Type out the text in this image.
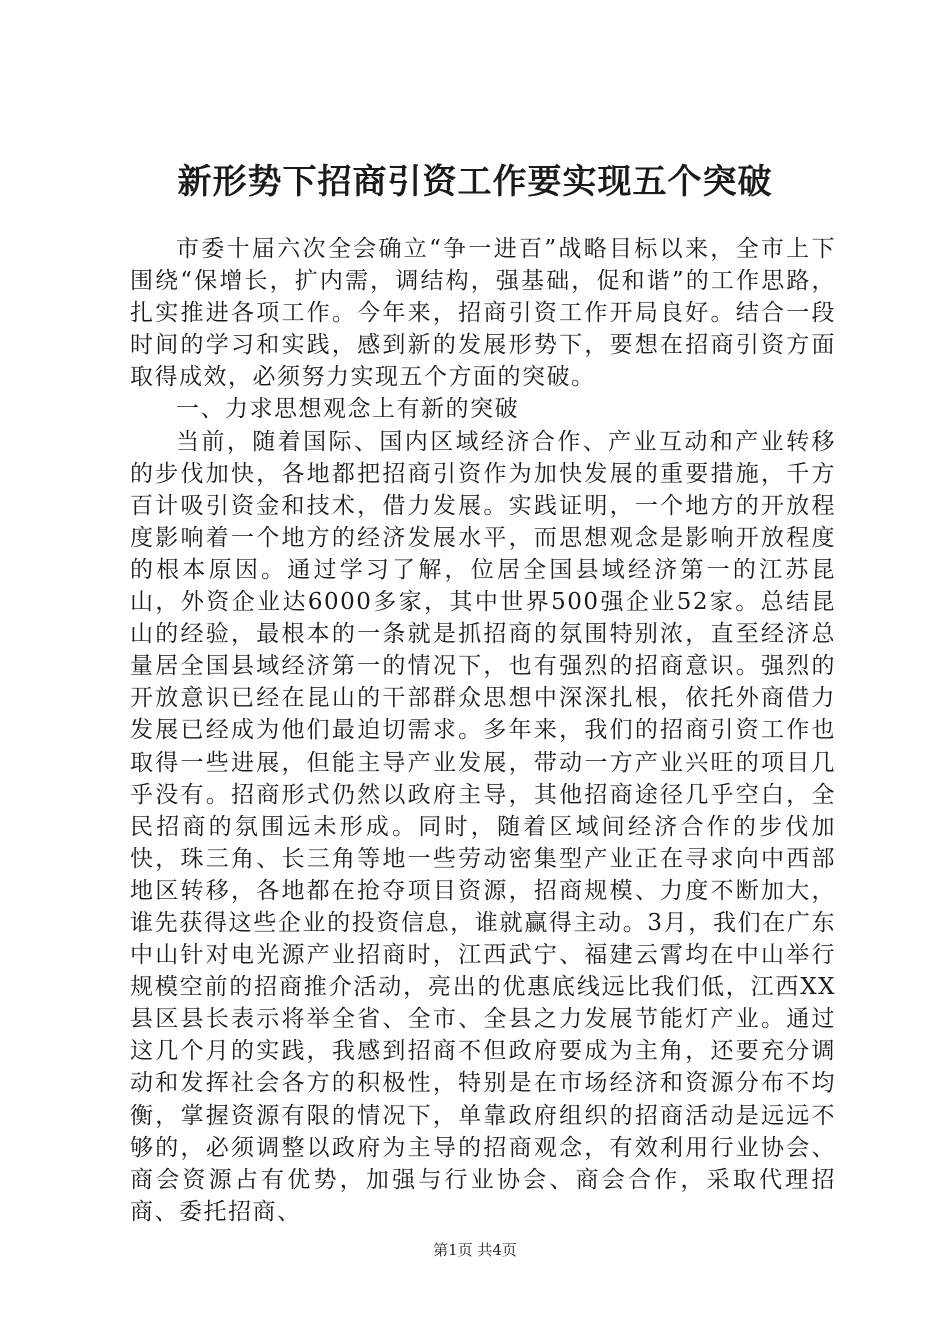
新形势下招商引资工作要实现五个突破

市委十届六次全会确立“争一进百”战略目标以来，全市上下围绕“保增长，扩内需，调结构，强基础，促和谐”的工作思路，扎实推进各项工作。今年来，招商引资工作开局良好。结合一段时间的学习和实践，感到新的发展形势下，要想在招商引资方面取得成效，必须努力实现五个方面的突破。

一、力求思想观念上有新的突破

当前，随着国际、国内区域经济合作、产业互动和产业转移的步伐加快，各地都把招商引资作为加快发展的重要措施，千方百计吸引资金和技术，借力发展。实践证明，一个地方的开放程度影响着一个地方的经济发展水平，而思想观念是影响开放程度的根本原因。通过学习了解，位居全国县域经济第一的江苏昆山，外资企业达6000多家，其中世界500强企业52家。总结昆山的经验，最根本的一条就是抓招商的氛围特别浓，直至经济总量居全国县域经济第一的情况下，也有强烈的招商意识。强烈的开放意识已经在昆山的干部群众思想中深深扎根，依托外商借力发展已经成为他们最迫切需求。多年来，我们的招商引资工作也取得一些进展，但能主导产业发展，带动一方产业兴旺的项目几乎没有。招商形式仍然以政府主导，其他招商途径几乎空白，全民招商的氛围远未形成。同时，随着区域间经济合作的步伐加快，珠三角、长三角等地一些劳动密集型产业正在寻求向中西部地区转移，各地都在抢夺项目资源，招商规模、力度不断加大，谁先获得这些企业的投资信息，谁就赢得主动。3月，我们在广东中山针对电光源产业招商时，江西武宁、福建云霄均在中山举行规模空前的招商推介活动，亮出的优惠底线远比我们低，江西XX县区县长表示将举全省、全市、全县之力发展节能灯产业。通过这几个月的实践，我感到招商不但政府要成为主角，还要充分调动和发挥社会各方的积极性，特别是在市场经济和资源分布不均衡，掌握资源有限的情况下，单靠政府组织的招商活动是远远不够的，必须调整以政府为主导的招商观念，有效利用行业协会、商会资源占有优势，加强与行业协会、商会合作，采取代理招商、委托招商、

第1页 共4页
